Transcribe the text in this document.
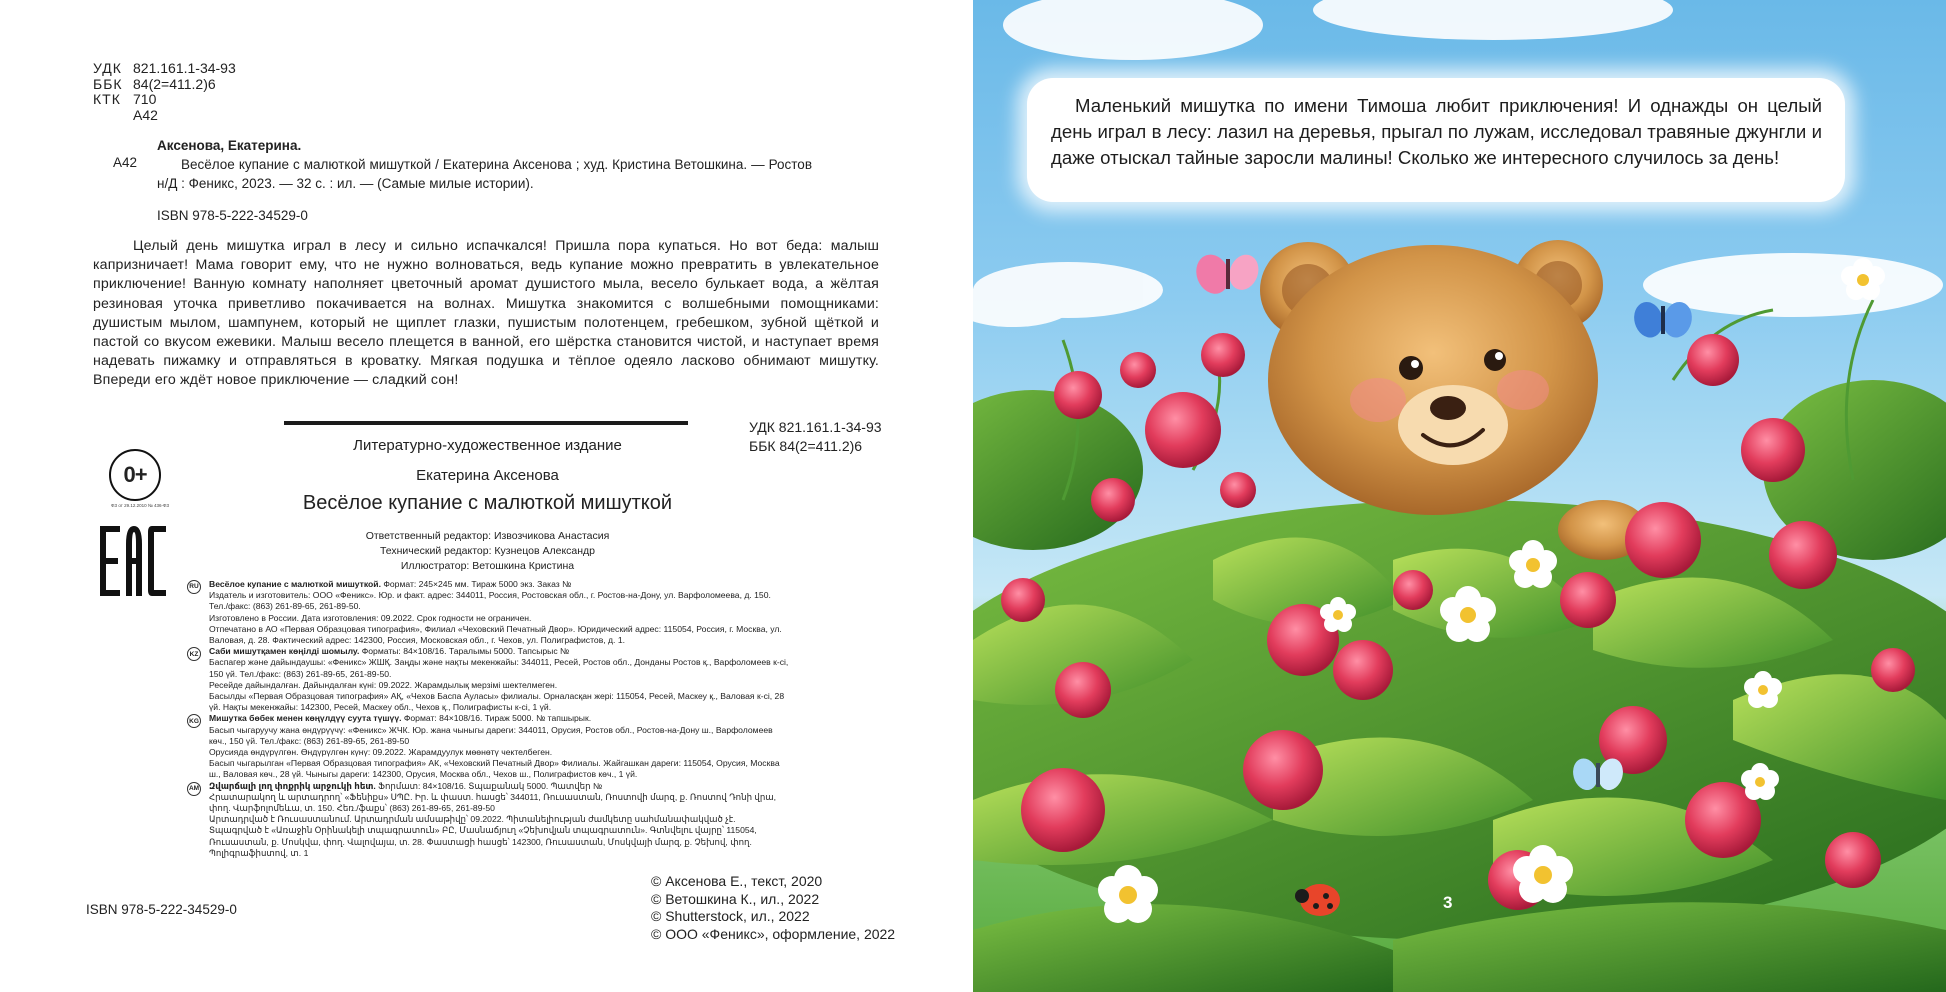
УДК 821.161.1-34-93
ББК 84(2=411.2)6
КТК 710
А42
А42
Аксенова, Екатерина.
Весёлое купание с малюткой мишуткой / Екатерина Аксенова ; худ. Кристина Ветошкина. — Ростов н/Д : Феникс, 2023. — 32 с. : ил. — (Самые милые истории).
ISBN 978-5-222-34529-0
Целый день мишутка играл в лесу и сильно испачкался! Пришла пора купаться. Но вот беда: малыш капризничает! Мама говорит ему, что не нужно волноваться, ведь купание можно превратить в увлекательное приключение! Ванную комнату наполняет цветочный аромат душистого мыла, весело булькает вода, а жёлтая резиновая уточка приветливо покачивается на волнах. Мишутка знакомится с волшебными помощниками: душистым мылом, шампунем, который не щиплет глазки, пушистым полотенцем, гребешком, зубной щёткой и пастой со вкусом ежевики. Малыш весело плещется в ванной, его шёрстка становится чистой, и наступает время надевать пижамку и отправляться в кроватку. Мягкая подушка и тёплое одеяло ласково обнимают мишутку. Впереди его ждёт новое приключение — сладкий сон!
УДК 821.161.1-34-93
ББК 84(2=411.2)6
Литературно-художественное издание
Екатерина Аксенова
Весёлое купание с малюткой мишуткой
Ответственный редактор: Извозчикова Анастасия
Технический редактор: Кузнецов Александр
Иллюстратор: Ветошкина Кристина
0+
ФЗ от 29.12.2010 № 436-ФЗ
RU Весёлое купание с малюткой мишуткой. Формат: 245×245 мм. Тираж 5000 экз. Заказ №

Издатель и изготовитель: ООО «Феникс». Юр. и факт. адрес: 344011, Россия, Ростовская обл., г. Ростов-на-Дону, ул. Варфоломеева, д. 150. Тел./факс: (863) 261-89-65, 261-89-50.

Изготовлено в России. Дата изготовления: 09.2022. Срок годности не ограничен.

Отпечатано в АО «Первая Образцовая типография», Филиал «Чеховский Печатный Двор». Юридический адрес: 115054, Россия, г. Москва, ул. Валовая, д. 28. Фактический адрес: 142300, Россия, Московская обл., г. Чехов, ул. Полиграфистов, д. 1.

KZ	Саби мишутқамен көңілді шомылу. Форматы: 84×108/16. Таралымы 5000. Тапсырыс №

Баспагер және дайындаушы: «Феникс» ЖШҚ. Заңды және нақты мекенжайы: 344011, Ресей, Ростов обл., Донданы Ростов қ., Варфоломеев к-сі, 150 үй. Тел./факс: (863) 261-89-65, 261-89-50.

Ресейде дайындалған. Дайындалған күні: 09.2022. Жарамдылық мерзімі шектелмеген.

Басылды «Первая Образцовая типография» АҚ, «Чехов Баспа Ауласы» филиалы. Орналасқан жері: 115054, Ресей, Маскеу қ., Валовая к-сі, 28 үй. Нақты мекенжайы: 142300, Ресей, Маскеу обл., Чехов қ., Полиграфисты к-сі, 1 үй.

KG Мишутка бөбек менен көңүлдүү суута түшүү. Формат: 84×108/16. Тираж 5000. № тапшырык.

Басып чыгаруучу жана өндүрүүчү: «Феникс» ЖЧК. Юр. жана чыныгы дареги: 344011, Орусия, Ростов обл., Ростов-на-Дону ш., Варфоломеев көч., 150 үй. Тел./факс: (863) 261-89-65, 261-89-50

Орусияда өндүрүлгөн. Өндүрүлгөн күнү: 09.2022. Жарамдуулук мөөнөтү чектелбеген.

Басып чыгарылган «Первая Образцовая типография» АК, «Чеховский Печатный Двор» Филиалы. Жайгашкан дареги: 115054, Орусия, Москва ш., Валовая көч., 28 үй. Чыныгы дареги: 142300, Орусия, Москва обл., Чехов ш., Полиграфистов көч., 1 үй.

AM Զվարճալի լող փոքրիկ արջուկի հետ. Ֆորմատ: 84×108/16. Տպաքանակ 5000. Պատվեր №

Հրատարակող և արտադրող՝ «Ֆենիքս» ՍՊԸ. Իր. և փաստ. հասցե՝ 344011, Ռուսաստան, Ռոստովի մարզ, ք. Ռոստով Դոնի վրա, փող. Վարֆոլոմեևա, տ. 150. Հեռ./ֆաքս՝ (863) 261-89-65, 261-89-50

Արտադրված է Ռուսաստանում. Արտադրման ամսաթիվը՝ 09.2022. Պիտանելիության ժամկետը սահմանափակված չէ.

Տպագրված է «Առաջին Օրինակելի տպագրատուն» ԲԸ, Մասնաճյուղ «Չեխովյան տպագրատուն». Գտնվելու վայրը՝ 115054, Ռուսաստան, ք. Մոսկվա, փող. Վալովայա, տ. 28. Փաստացի հասցե՝ 142300, Ռուսաստան, Մոսկվայի մարզ, ք. Չեխով, փող. Պոլիգրաֆիստով, տ. 1

ISBN 978-5-222-34529-0
© Аксенова Е., текст, 2020
© Ветошкина К., ил., 2022
© Shutterstock, ил., 2022
© ООО «Феникс», оформление, 2022
Маленький мишутка по имени Тимоша любит приключения! И однажды он целый день играл в лесу: лазил на деревья, прыгал по лужам, исследовал травяные джунгли и даже отыскал тайные заросли малины! Сколько же интересного случилось за день!
3
